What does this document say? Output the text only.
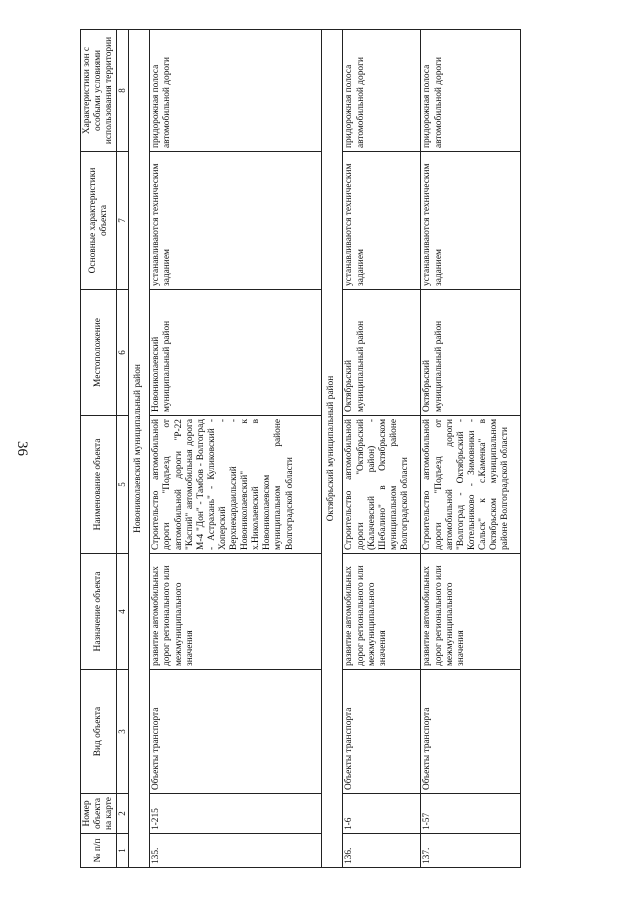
36
№ п/п	Номер объекта на карте	Вид объекта	Назначение объекта	Наименование объекта	Местоположение	Основные характеристики объекта	Характеристики зон с особыми условиями использования территории
1	2	3	4	5	6	7	8
Новониколаевский муниципальный район							
135.	1-215	Объекты транспорта	развитие автомобильных дорог регионального или межмуниципального значения	Строительство автомобильной дороги "Подъезд от автомобильной дороги "Р-22 "Каспий" автомобильная дорога М-4 "Дон" - Тамбов - Волгоград - Астрахань" - Куликовский - Хоперский - Верхнекардаильский - Новониколаевский" к х.Николаевский в Новониколаевском муниципальном районе Волгоградской области	Новониколаевский муниципальный район	устанавливаются техническим заданием	придорожная полоса автомобильной дороги
Октябрьский муниципальный район							
136.	1-6	Объекты транспорта	развитие автомобильных дорог регионального или межмуниципального значения	Строительство автомобильной дороги "Октябрьский (Калачевский район) - Шебалино" в Октябрьском муниципальном районе Волгоградской области	Октябрьский муниципальный район	устанавливаются техническим заданием	придорожная полоса автомобильной дороги
137.	1-57	Объекты транспорта	развитие автомобильных дорог регионального или межмуниципального значения	Строительство автомобильной дороги "Подъезд от автомобильной дороги "Волгоград - Октябрьский - Котельниково - Зимовники - Сальск" к с.Каменка" в Октябрьском муниципальном районе Волгоградской области	Октябрьский муниципальный район	устанавливаются техническим заданием	придорожная полоса автомобильной дороги
